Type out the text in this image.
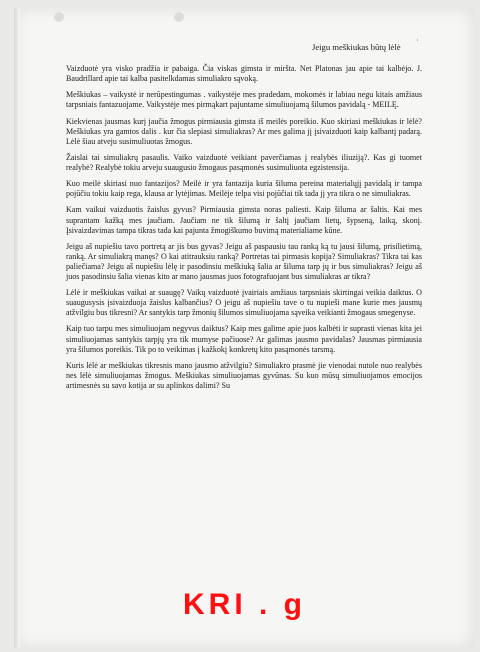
Jeigu meškiukas būtų lėlė ʾ

Vaizduotė yra visko pradžia ir pabaiga. Čia viskas gimsta ir miršta. Net Platonas jau apie tai kalbėjo. J. Baudrillard apie tai kalba pasitelkdamas simuliakro sąvoką.

Meškiukas – vaikystė ir nerūpestingumas . vaikystėje mes pradedam, mokomės ir labiau negu kitais amžiaus tarpsniais fantazuojame. Vaikystėje mes pirmąkart pajuntame simuliuojamą šilumos pavidalą - MEILĘ.

Kiekvienas jausmas kurį jaučia žmogus pirmiausia gimsta iš meilės poreikio. Kuo skiriasi meškiukas ir lėlė? Meškiukas yra gamtos dalis . kur čia slepiasi simuliakras? Ar mes galima jį įsivaizduoti kaip kalbantį padarą. Lėlė šiau atveju susimuliuotas žmogus.

Žaislai tai simuliakrų pasaulis. Vaiko vaizduotė veikiant paverčiamas į realybės iliuziją?. Kas gi tuomet realybė? Realybė tokiu arveju suaugusio žmogaus pasąmonės susimuliuota egzistensija.

Kuo meilė skiriasi nuo fantazijos? Meilė ir yra fantazija kuria šiluma pereina materialųjį pavidalą ir tampa pojūčiu tokiu kaip rega, klausa ar lytėjimas. Meilėje telpa visi pojūčiai tik tada jį yra tikra o ne simuliakras.

Kam vaikui vaizduotis žaislus gyvus? Pirmiausia gimsta noras paliesti. Kaip šiluma ar šaltis. Kai mes suprantam kažką mes jaučiam. Jaučiam ne tik šilumą ir šaltį jaučiam lietų, šypseną, laiką, skonį. Įsivaizdavimas tampa tikras tada kai pajunta žmogiškumo buvimą materialiame kūne.

Jeigu aš nupiešiu tavo portretą ar jis bus gyvas? Jeigu aš paspausiu tau ranką ką tu jausi šilumą, prisilietimą, ranką. Ar simuliakrą manęs? O kai atitrauksiu ranką? Portretas tai pirmasis kopija? Simuliakras? Tikra tai kas paliečiama? Jeigu aš nupiešiu lėlę ir pasodinsiu meškiuką šalia ar šiluma tarp jų ir bus simuliakras? Jeigu aš juos pasodinsiu šalia vienas kito ar mano jausmas juos fotografuojant bus simuliakras ar tikra?

Lėlė ir meškiukas vaikai ar suaugę? Vaikų vaizduotė įvairiais amžiaus tarpsniais skirtingai veikia daiktus. O suaugusysis įsivaizduoja žaislus kalbančius? O jeigu aš nupiešiu tave o tu nupieši mane kurie mes jausmų atžvilgiu bus tikresni? Ar santykis tarp žmonių šilumos simuliuojama sąveika veikianti žmogaus smegenyse.

Kaip tuo tarpu mes simuliuojam negyvus daiktus? Kaip mes galime apie juos kalbėti ir suprasti vienas kita jei simuliuojamas santykis tarpjų yra tik mumyse pačiuose? Ar galimas jausmo pavidalas? Jausmas pirmiausia yra šilumos poreikis. Tik po to veikimas į kažkokį konkretų kito pasąmonės tarsmą.

Kuris lėlė ar meškiukas tikresnis mano jausmo atžvilgiu? Simuliakro prasmė jie vienodai nutole nuo realybės nes lėlė simuliuojamas žmogus. Meškiukas simuliuojamas gyvūnas. Su kuo mūsų simuliuojamos emocijos artimesnės su savo kotija ar su aplinkos dalimi? Su

KRI . g
